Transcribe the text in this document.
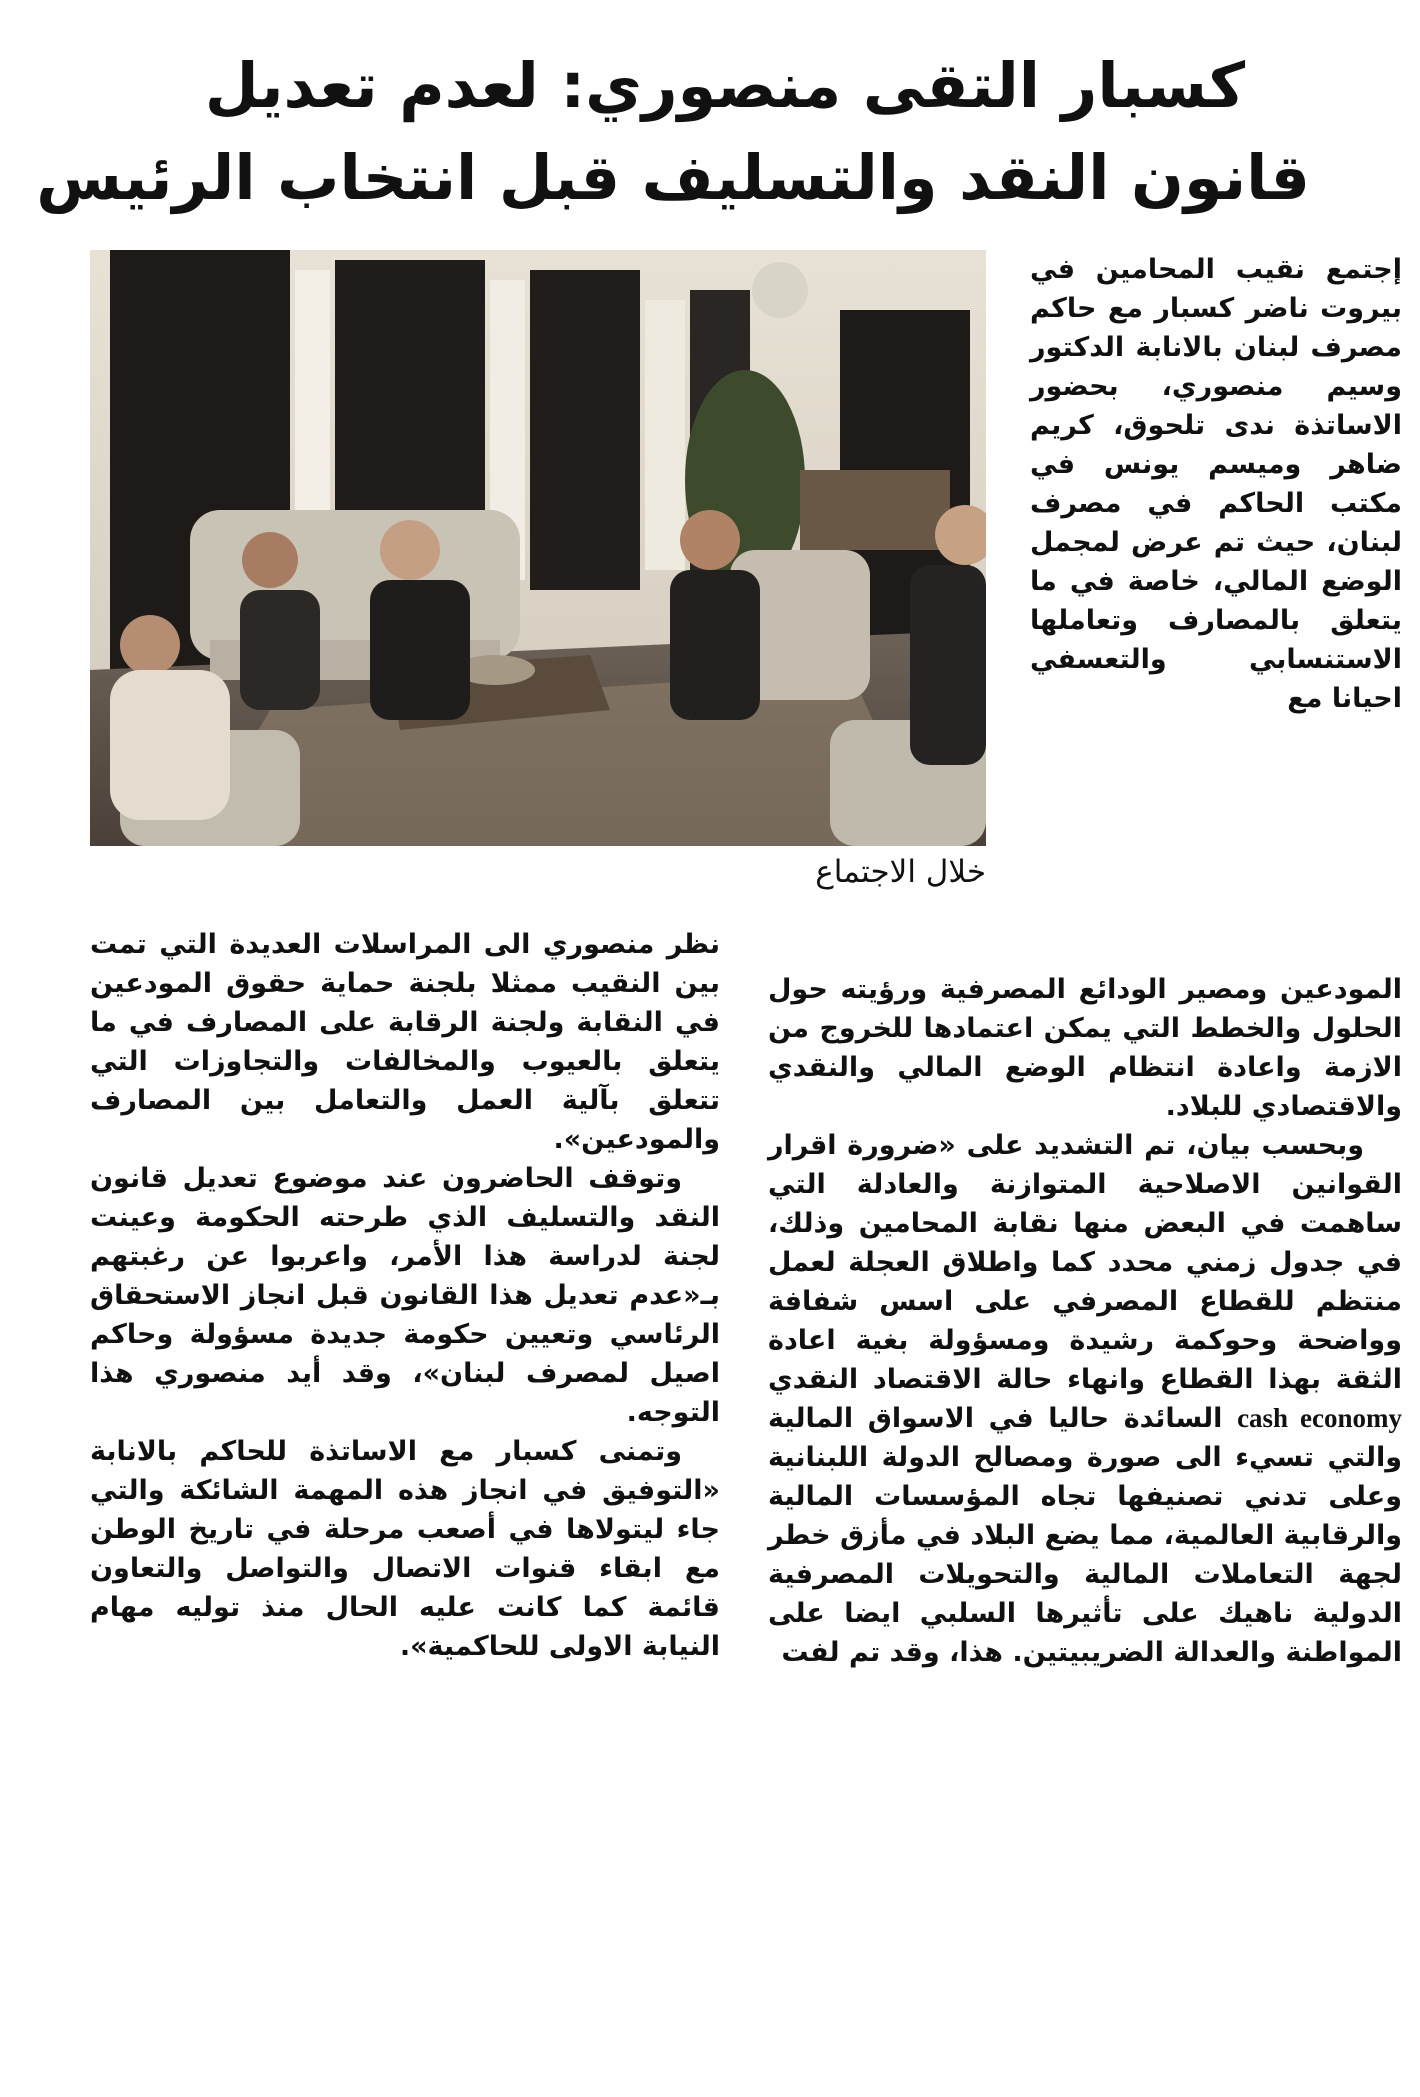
كسبار التقى منصوري: لعدم تعديل
قانون النقد والتسليف قبل انتخاب الرئيس
خلال الاجتماع

إجتمع نقيب المحامين في بيروت ناضر كسبار مع حاكم مصرف لبنان بالانابة الدكتور وسيم منصوري، بحضور الاساتذة ندى تلحوق، كريم ضاهر وميسم يونس في مكتب الحاكم في مصرف لبنان، حيث تم عرض لمجمل الوضع المالي، خاصة في ما يتعلق بالمصارف وتعاملها الاستنسابي والتعسفي احيانا مع

المودعين ومصير الودائع المصرفية ورؤيته حول الحلول والخطط التي يمكن اعتمادها للخروج من الازمة واعادة انتظام الوضع المالي والنقدي والاقتصادي للبلاد.

وبحسب بيان، تم التشديد على «ضرورة اقرار القوانين الاصلاحية المتوازنة والعادلة التي ساهمت في البعض منها نقابة المحامين وذلك، في جدول زمني محدد كما واطلاق العجلة لعمل منتظم للقطاع المصرفي على اسس شفافة وواضحة وحوكمة رشيدة ومسؤولة بغية اعادة الثقة بهذا القطاع وانهاء حالة الاقتصاد النقدي cash economy السائدة حاليا في الاسواق المالية والتي تسيء الى صورة ومصالح الدولة اللبنانية وعلى تدني تصنيفها تجاه المؤسسات المالية والرقابية العالمية، مما يضع البلاد في مأزق خطر لجهة التعاملات المالية والتحويلات المصرفية الدولية ناهيك على تأثيرها السلبي ايضا على المواطنة والعدالة الضريبيتين. هذا، وقد تم لفت

نظر منصوري الى المراسلات العديدة التي تمت بين النقيب ممثلا بلجنة حماية حقوق المودعين في النقابة ولجنة الرقابة على المصارف في ما يتعلق بالعيوب والمخالفات والتجاوزات التي تتعلق بآلية العمل والتعامل بين المصارف والمودعين».

وتوقف الحاضرون عند موضوع تعديل قانون النقد والتسليف الذي طرحته الحكومة وعينت لجنة لدراسة هذا الأمر، واعربوا عن رغبتهم بـ«عدم تعديل هذا القانون قبل انجاز الاستحقاق الرئاسي وتعيين حكومة جديدة مسؤولة وحاكم اصيل لمصرف لبنان»، وقد أيد منصوري هذا التوجه.

وتمنى كسبار مع الاساتذة للحاكم بالانابة «التوفيق في انجاز هذه المهمة الشائكة والتي جاء ليتولاها في أصعب مرحلة في تاريخ الوطن مع ابقاء قنوات الاتصال والتواصل والتعاون قائمة كما كانت عليه الحال منذ توليه مهام النيابة الاولى للحاكمية».
